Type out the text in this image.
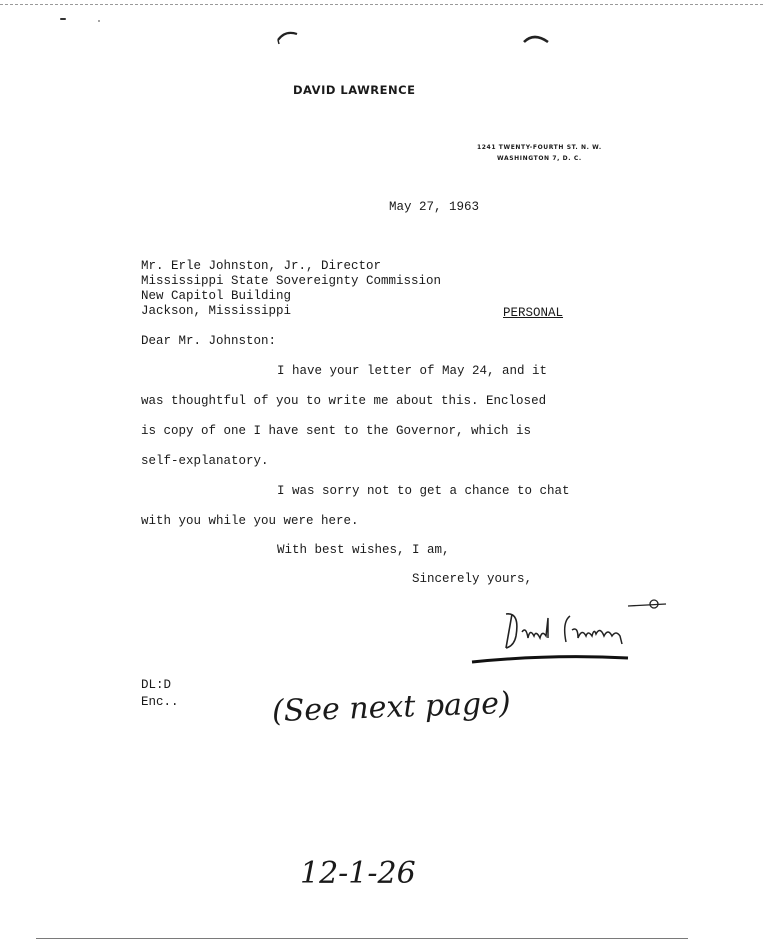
DAVID LAWRENCE
1241 TWENTY-FOURTH ST. N. W.
WASHINGTON 7, D. C.
May 27, 1963
Mr. Erle Johnston, Jr., Director
Mississippi State Sovereignty Commission
New Capitol Building
Jackson, Mississippi	PERSONAL
Dear Mr. Johnston:
I have your letter of May 24, and it
was thoughtful of you to write me about this. Enclosed
is copy of one I have sent to the Governor, which is
self-explanatory.
I was sorry not to get a chance to chat
with you while you were here.
With best wishes, I am,
Sincerely yours,
DL:D
Enc..	(See next page)
12-1-26
